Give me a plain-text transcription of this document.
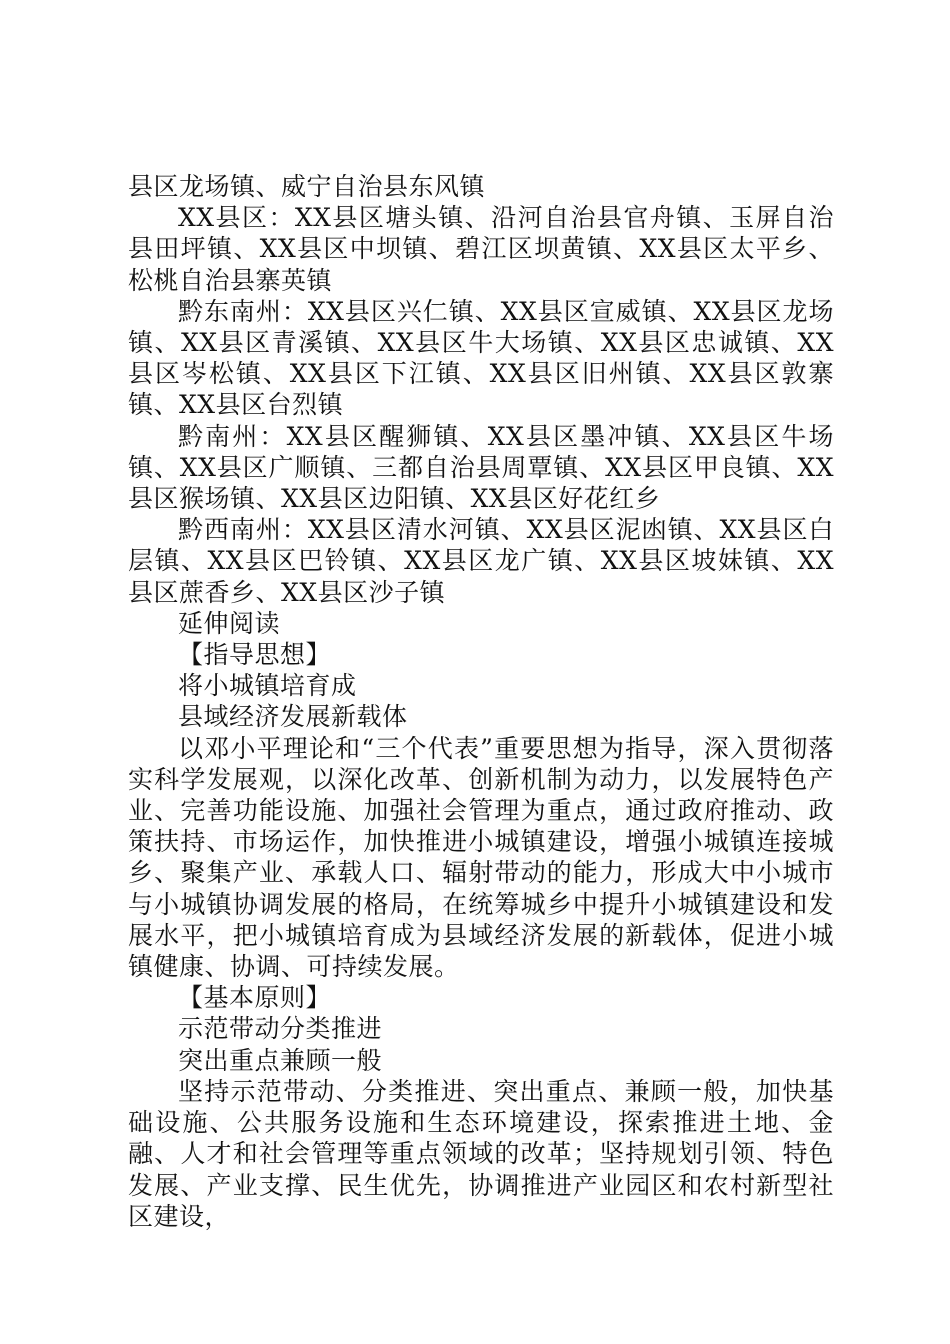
县区龙场镇、威宁自治县东风镇

XX县区：XX县区塘头镇、沿河自治县官舟镇、玉屏自治县田坪镇、XX县区中坝镇、碧江区坝黄镇、XX县区太平乡、松桃自治县寨英镇

黔东南州：XX县区兴仁镇、XX县区宣威镇、XX县区龙场镇、XX县区青溪镇、XX县区牛大场镇、XX县区忠诚镇、XX县区岑松镇、XX县区下江镇、XX县区旧州镇、XX县区敦寨镇、XX县区台烈镇

黔南州：XX县区醒狮镇、XX县区墨冲镇、XX县区牛场镇、XX县区广顺镇、三都自治县周覃镇、XX县区甲良镇、XX县区猴场镇、XX县区边阳镇、XX县区好花红乡

黔西南州：XX县区清水河镇、XX县区泥凼镇、XX县区白层镇、XX县区巴铃镇、XX县区龙广镇、XX县区坡妹镇、XX县区蔗香乡、XX县区沙子镇

延伸阅读

【指导思想】

将小城镇培育成

县域经济发展新载体

以邓小平理论和“三个代表”重要思想为指导，深入贯彻落实科学发展观，以深化改革、创新机制为动力，以发展特色产业、完善功能设施、加强社会管理为重点，通过政府推动、政策扶持、市场运作，加快推进小城镇建设，增强小城镇连接城乡、聚集产业、承载人口、辐射带动的能力，形成大中小城市与小城镇协调发展的格局，在统筹城乡中提升小城镇建设和发展水平，把小城镇培育成为县域经济发展的新载体，促进小城镇健康、协调、可持续发展。

【基本原则】

示范带动分类推进

突出重点兼顾一般

坚持示范带动、分类推进、突出重点、兼顾一般，加快基础设施、公共服务设施和生态环境建设，探索推进土地、金融、人才和社会管理等重点领域的改革；坚持规划引领、特色发展、产业支撑、民生优先，协调推进产业园区和农村新型社区建设，
